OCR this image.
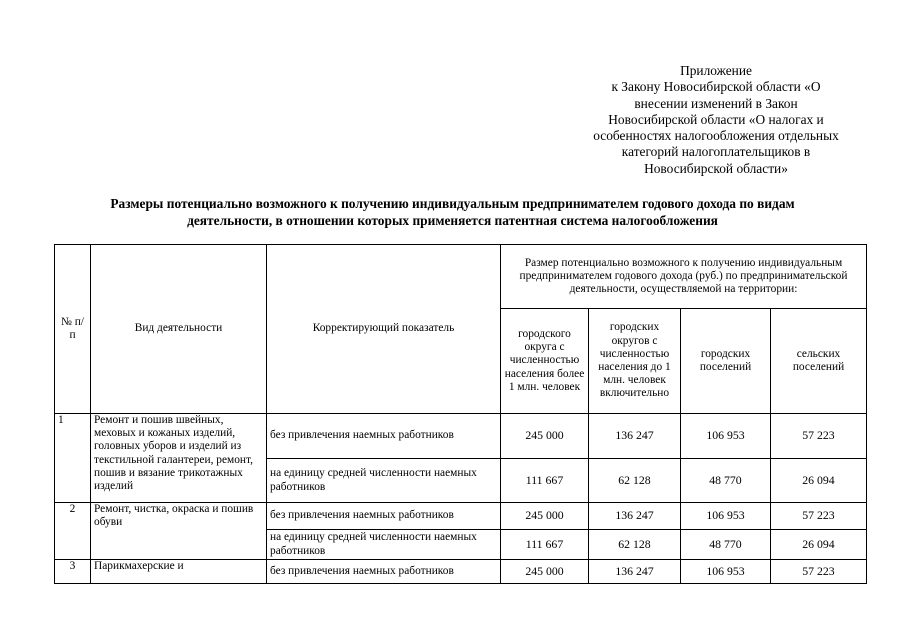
Приложение
к Закону Новосибирской области «О
внесении изменений в Закон
Новосибирской области «О налогах и
особенностях налогообложения отдельных
категорий налогоплательщиков в
Новосибирской области»
Размеры потенциально возможного к получению индивидуальным предпринимателем годового дохода по видам
деятельности, в отношении которых применяется патентная система налогообложения
№ п/п	Вид деятельности	Корректирующий показатель	Размер потенциально возможного к получению индивидуальным предпринимателем годового дохода (руб.) по предпринимательской деятельности, осуществляемой на территории:			
			городского округа с численностью населения более 1 млн. человек	городских округов с численностью населения до 1 млн. человек включительно	городских поселений	сельских поселений
1	Ремонт и пошив швейных, меховых и кожаных изделий, головных уборов и изделий из текстильной галантереи, ремонт, пошив и вязание трикотажных изделий	без привлечения наемных работников	245 000	136 247	106 953	57 223
		на единицу средней численности наемных работников	111 667	62 128	48 770	26 094
2	Ремонт, чистка, окраска и пошив обуви	без привлечения наемных работников	245 000	136 247	106 953	57 223
		на единицу средней численности наемных работников	111 667	62 128	48 770	26 094
3	Парикмахерские и	без привлечения наемных работников	245 000	136 247	106 953	57 223
